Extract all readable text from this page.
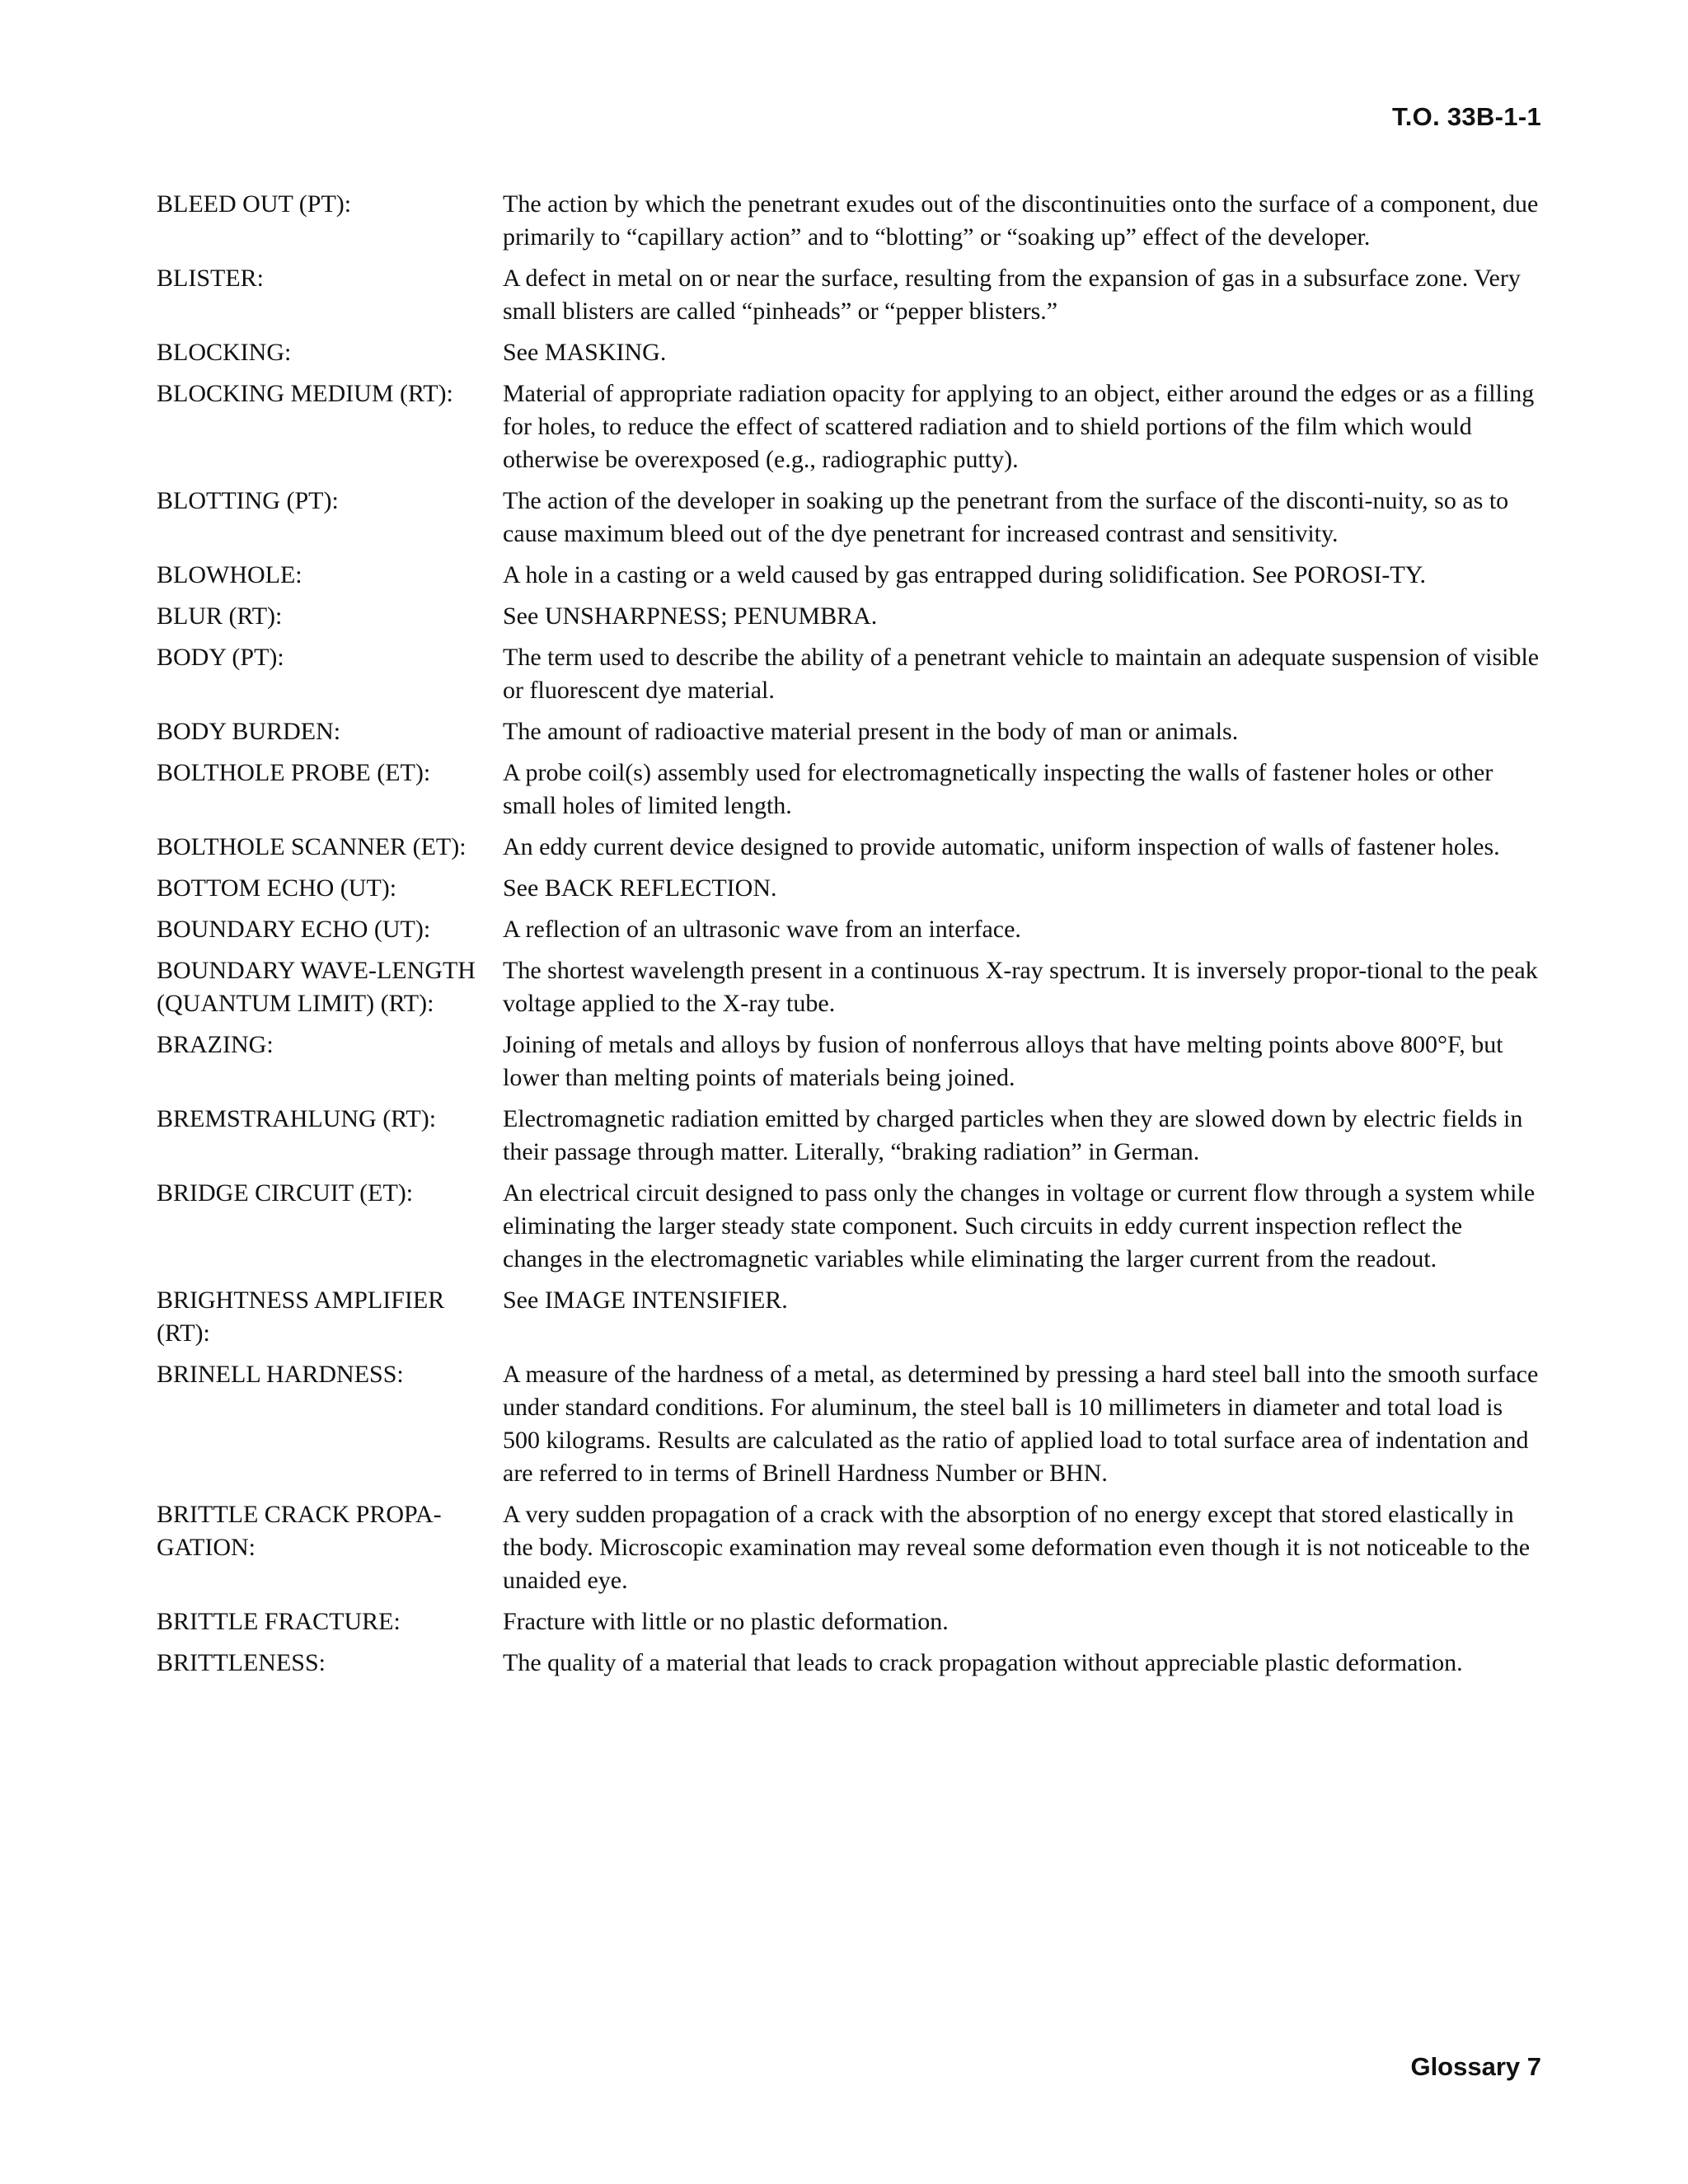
T.O. 33B-1-1
BLEED OUT (PT):	The action by which the penetrant exudes out of the discontinuities onto the surface of a component, due primarily to “capillary action” and to “blotting” or “soaking up” effect of the developer.
BLISTER:	A defect in metal on or near the surface, resulting from the expansion of gas in a subsurface zone. Very small blisters are called “pinheads” or “pepper blisters.”
BLOCKING:	See MASKING.
BLOCKING MEDIUM (RT):	Material of appropriate radiation opacity for applying to an object, either around the edges or as a filling for holes, to reduce the effect of scattered radiation and to shield portions of the film which would otherwise be overexposed (e.g., radiographic putty).
BLOTTING (PT):	The action of the developer in soaking up the penetrant from the surface of the disconti-nuity, so as to cause maximum bleed out of the dye penetrant for increased contrast and sensitivity.
BLOWHOLE:	A hole in a casting or a weld caused by gas entrapped during solidification. See POROSI-TY.
BLUR (RT):	See UNSHARPNESS; PENUMBRA.
BODY (PT):	The term used to describe the ability of a penetrant vehicle to maintain an adequate suspension of visible or fluorescent dye material.
BODY BURDEN:	The amount of radioactive material present in the body of man or animals.
BOLTHOLE PROBE (ET):	A probe coil(s) assembly used for electromagnetically inspecting the walls of fastener holes or other small holes of limited length.
BOLTHOLE SCANNER (ET):	An eddy current device designed to provide automatic, uniform inspection of walls of fastener holes.
BOTTOM ECHO (UT):	See BACK REFLECTION.
BOUNDARY ECHO (UT):	A reflection of an ultrasonic wave from an interface.
BOUNDARY WAVE-LENGTH (QUANTUM LIMIT) (RT):
The shortest wavelength present in a continuous X-ray spectrum. It is inversely propor-tional to the peak voltage applied to the X-ray tube.
BRAZING:	Joining of metals and alloys by fusion of nonferrous alloys that have melting points above 800°F, but lower than melting points of materials being joined.
BREMSTRAHLUNG (RT):	Electromagnetic radiation emitted by charged particles when they are slowed down by electric fields in their passage through matter. Literally, “braking radiation” in German.
BRIDGE CIRCUIT (ET):	An electrical circuit designed to pass only the changes in voltage or current flow through a system while eliminating the larger steady state component. Such circuits in eddy current inspection reflect the changes in the electromagnetic variables while eliminating the larger current from the readout.
BRIGHTNESS AMPLIFIER (RT):
See IMAGE INTENSIFIER.
BRINELL HARDNESS:	A measure of the hardness of a metal, as determined by pressing a hard steel ball into the smooth surface under standard conditions. For aluminum, the steel ball is 10 millimeters in diameter and total load is 500 kilograms. Results are calculated as the ratio of applied load to total surface area of indentation and are referred to in terms of Brinell Hardness Number or BHN.
BRITTLE CRACK PROPA-GATION:
A very sudden propagation of a crack with the absorption of no energy except that stored elastically in the body. Microscopic examination may reveal some deformation even though it is not noticeable to the unaided eye.
BRITTLE FRACTURE:	Fracture with little or no plastic deformation.
BRITTLENESS:	The quality of a material that leads to crack propagation without appreciable plastic deformation.
Glossary 7
